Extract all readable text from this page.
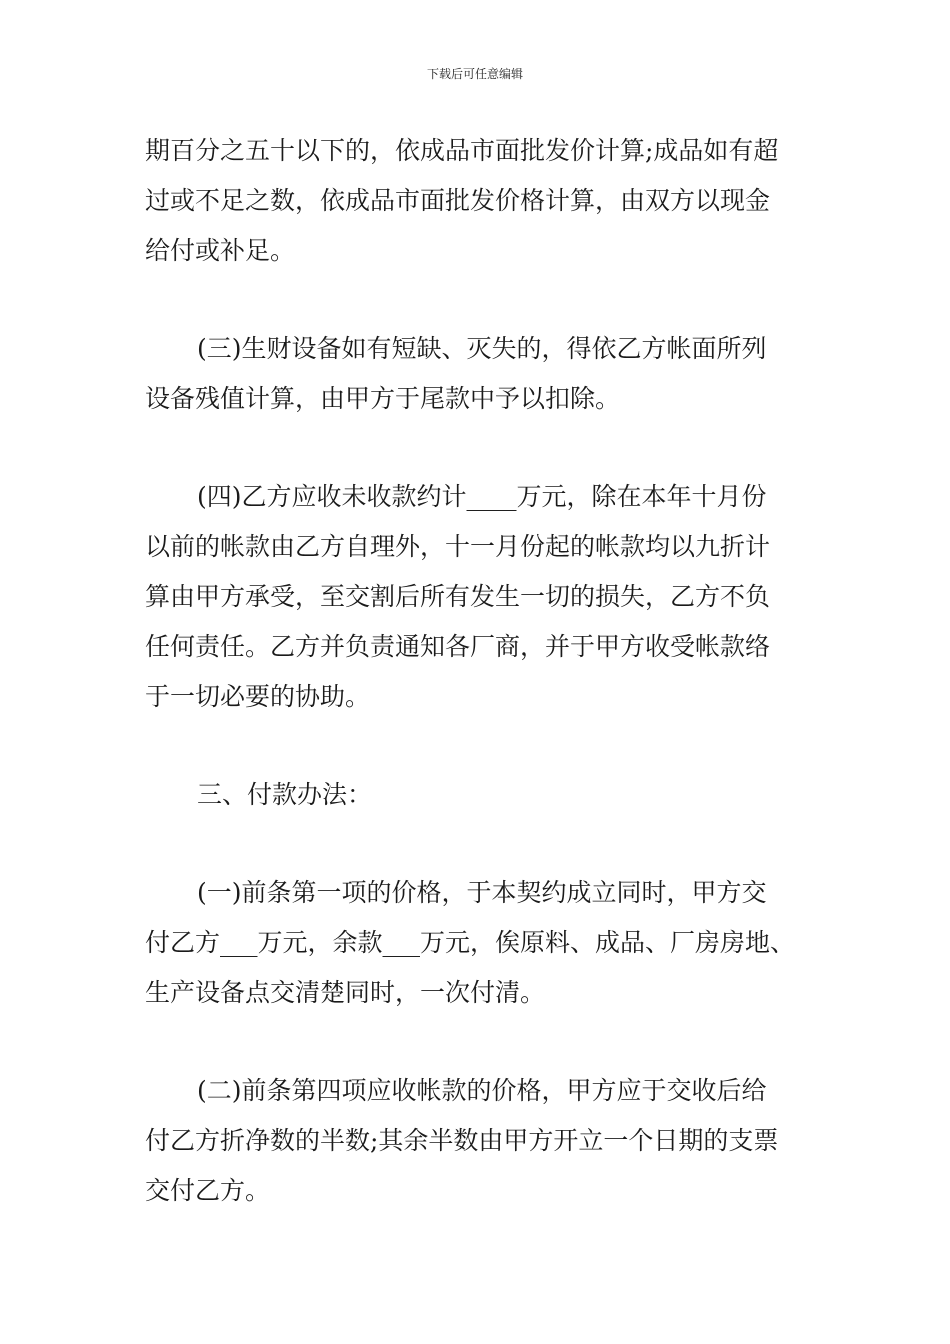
下载后可任意编辑
期百分之五十以下的，依成品市面批发价计算;成品如有超
过或不足之数，依成品市面批发价格计算，由双方以现金
给付或补足。
(三)生财设备如有短缺、灭失的，得依乙方帐面所列
设备残值计算，由甲方于尾款中予以扣除。
(四)乙方应收未收款约计____万元，除在本年十月份
以前的帐款由乙方自理外，十一月份起的帐款均以九折计
算由甲方承受，至交割后所有发生一切的损失，乙方不负
任何责任。乙方并负责通知各厂商，并于甲方收受帐款络
于一切必要的协助。
三、付款办法：
(一)前条第一项的价格，于本契约成立同时，甲方交
付乙方___万元，余款___万元，俟原料、成品、厂房房地、
生产设备点交清楚同时，一次付清。
(二)前条第四项应收帐款的价格，甲方应于交收后给
付乙方折净数的半数;其余半数由甲方开立一个日期的支票
交付乙方。
